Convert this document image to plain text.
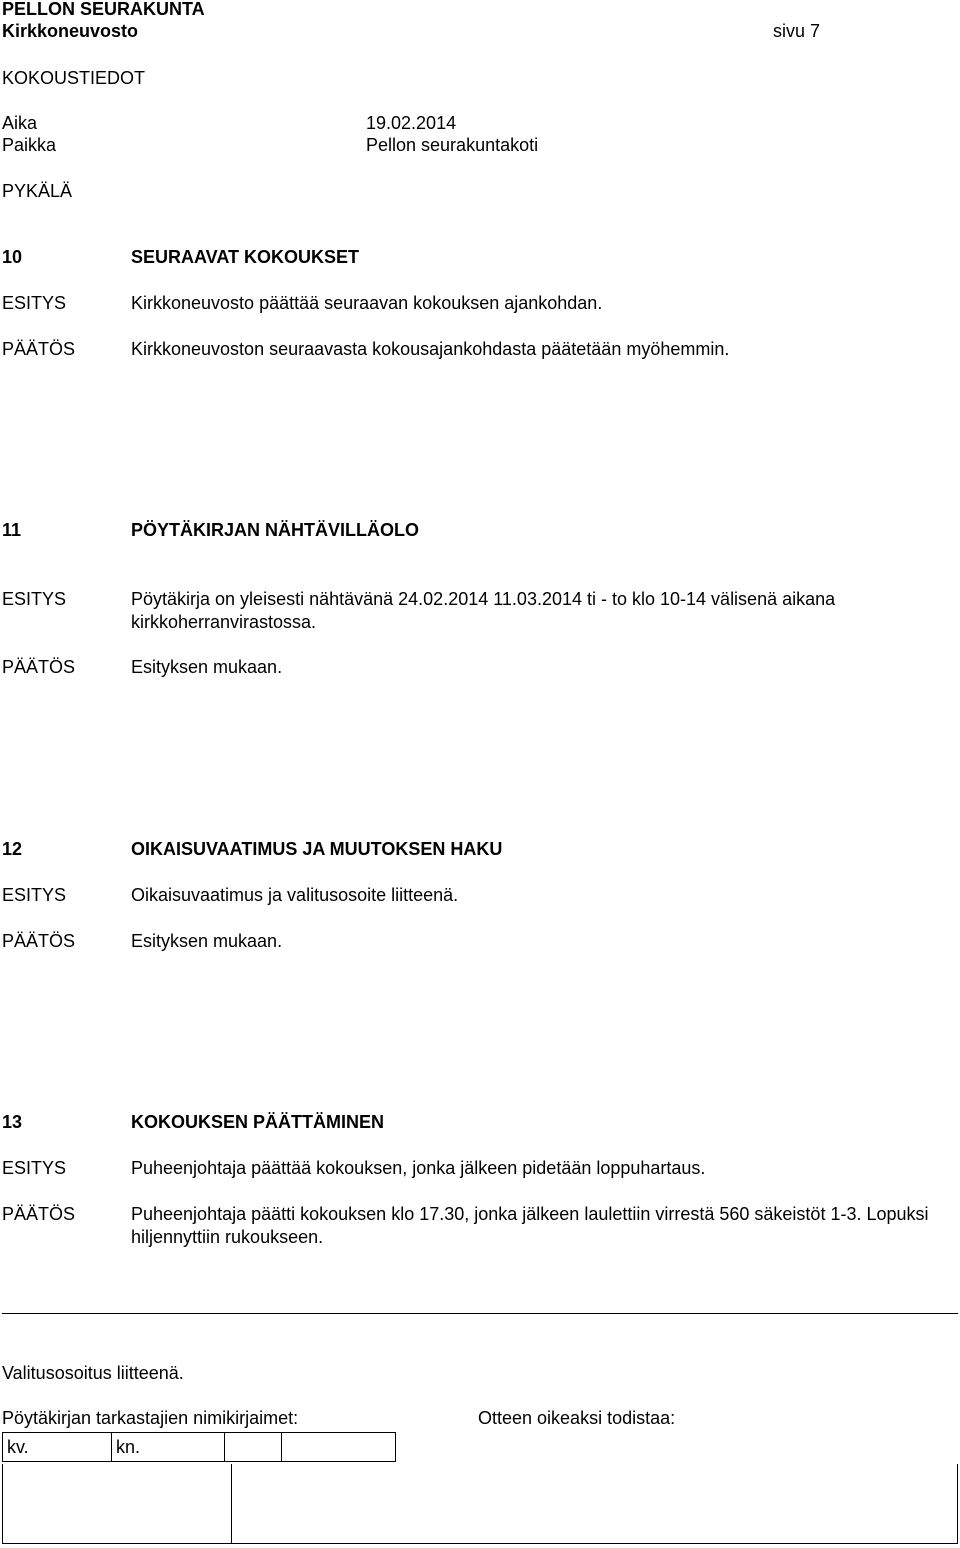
PELLON SEURAKUNTA
Kirkkoneuvosto	sivu 7
KOKOUSTIEDOT
Aika	19.02.2014
Paikka	Pellon seurakuntakoti
PYKÄLÄ
10	SEURAAVAT KOKOUKSET
ESITYS	Kirkkoneuvosto päättää seuraavan kokouksen ajankohdan.
PÄÄTÖS	Kirkkoneuvoston seuraavasta kokousajankohdasta päätetään myöhemmin.
11	PÖYTÄKIRJAN NÄHTÄVILLÄOLO
ESITYS	Pöytäkirja on yleisesti nähtävänä 24.02.2014 11.03.2014 ti - to klo 10-14 välisenä aikana kirkkoherranvirastossa.
PÄÄTÖS	Esityksen mukaan.
12	OIKAISUVAATIMUS JA MUUTOKSEN HAKU
ESITYS	Oikaisuvaatimus ja valitusosoite liitteenä.
PÄÄTÖS	Esityksen mukaan.
13	KOKOUKSEN PÄÄTTÄMINEN
ESITYS	Puheenjohtaja päättää kokouksen, jonka jälkeen pidetään loppuhartaus.
PÄÄTÖS	Puheenjohtaja päätti kokouksen klo 17.30, jonka jälkeen laulettiin virrestä 560 säkeistöt 1-3. Lopuksi hiljennyttiin rukoukseen.
Valitusosoitus liitteenä.
Pöytäkirjan tarkastajien nimikirjaimet:	Otteen oikeaksi todistaa:
kv.	kn.		
